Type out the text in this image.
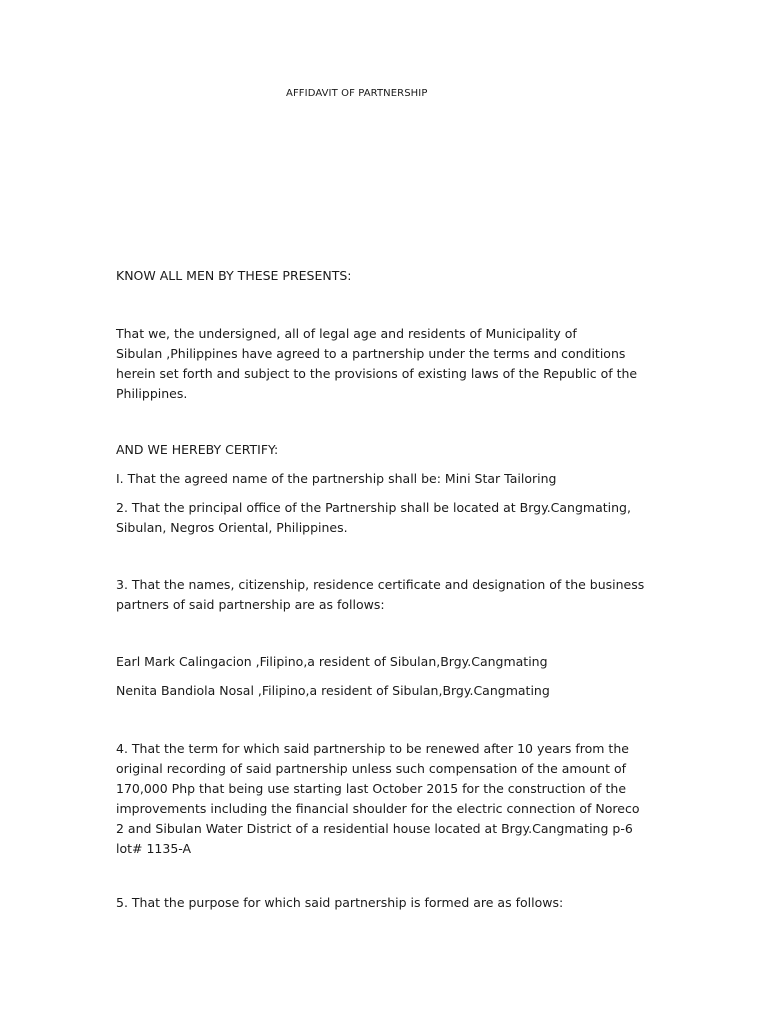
AFFIDAVIT OF PARTNERSHIP

KNOW ALL MEN BY THESE PRESENTS:

That we, the undersigned, all of legal age and residents of Municipality of
Sibulan ,Philippines have agreed to a partnership under the terms and conditions
herein set forth and subject to the provisions of existing laws of the Republic of the
Philippines.

AND WE HEREBY CERTIFY:

I. That the agreed name of the partnership shall be: Mini Star Tailoring

2. That the principal office of the Partnership shall be located at Brgy.Cangmating,
Sibulan, Negros Oriental, Philippines.

3. That the names, citizenship, residence certificate and designation of the business
partners of said partnership are as follows:

Earl Mark Calingacion ,Filipino,a resident of Sibulan,Brgy.Cangmating

Nenita Bandiola Nosal ,Filipino,a resident of Sibulan,Brgy.Cangmating

4. That the term for which said partnership to be renewed after 10 years from the
original recording of said partnership unless such compensation of the amount of
170,000 Php that being use starting last October 2015 for the construction of the
improvements including the financial shoulder for the electric connection of Noreco
2 and Sibulan Water District of a residential house located at Brgy.Cangmating p-6
lot# 1135-A

5. That the purpose for which said partnership is formed are as follows:
